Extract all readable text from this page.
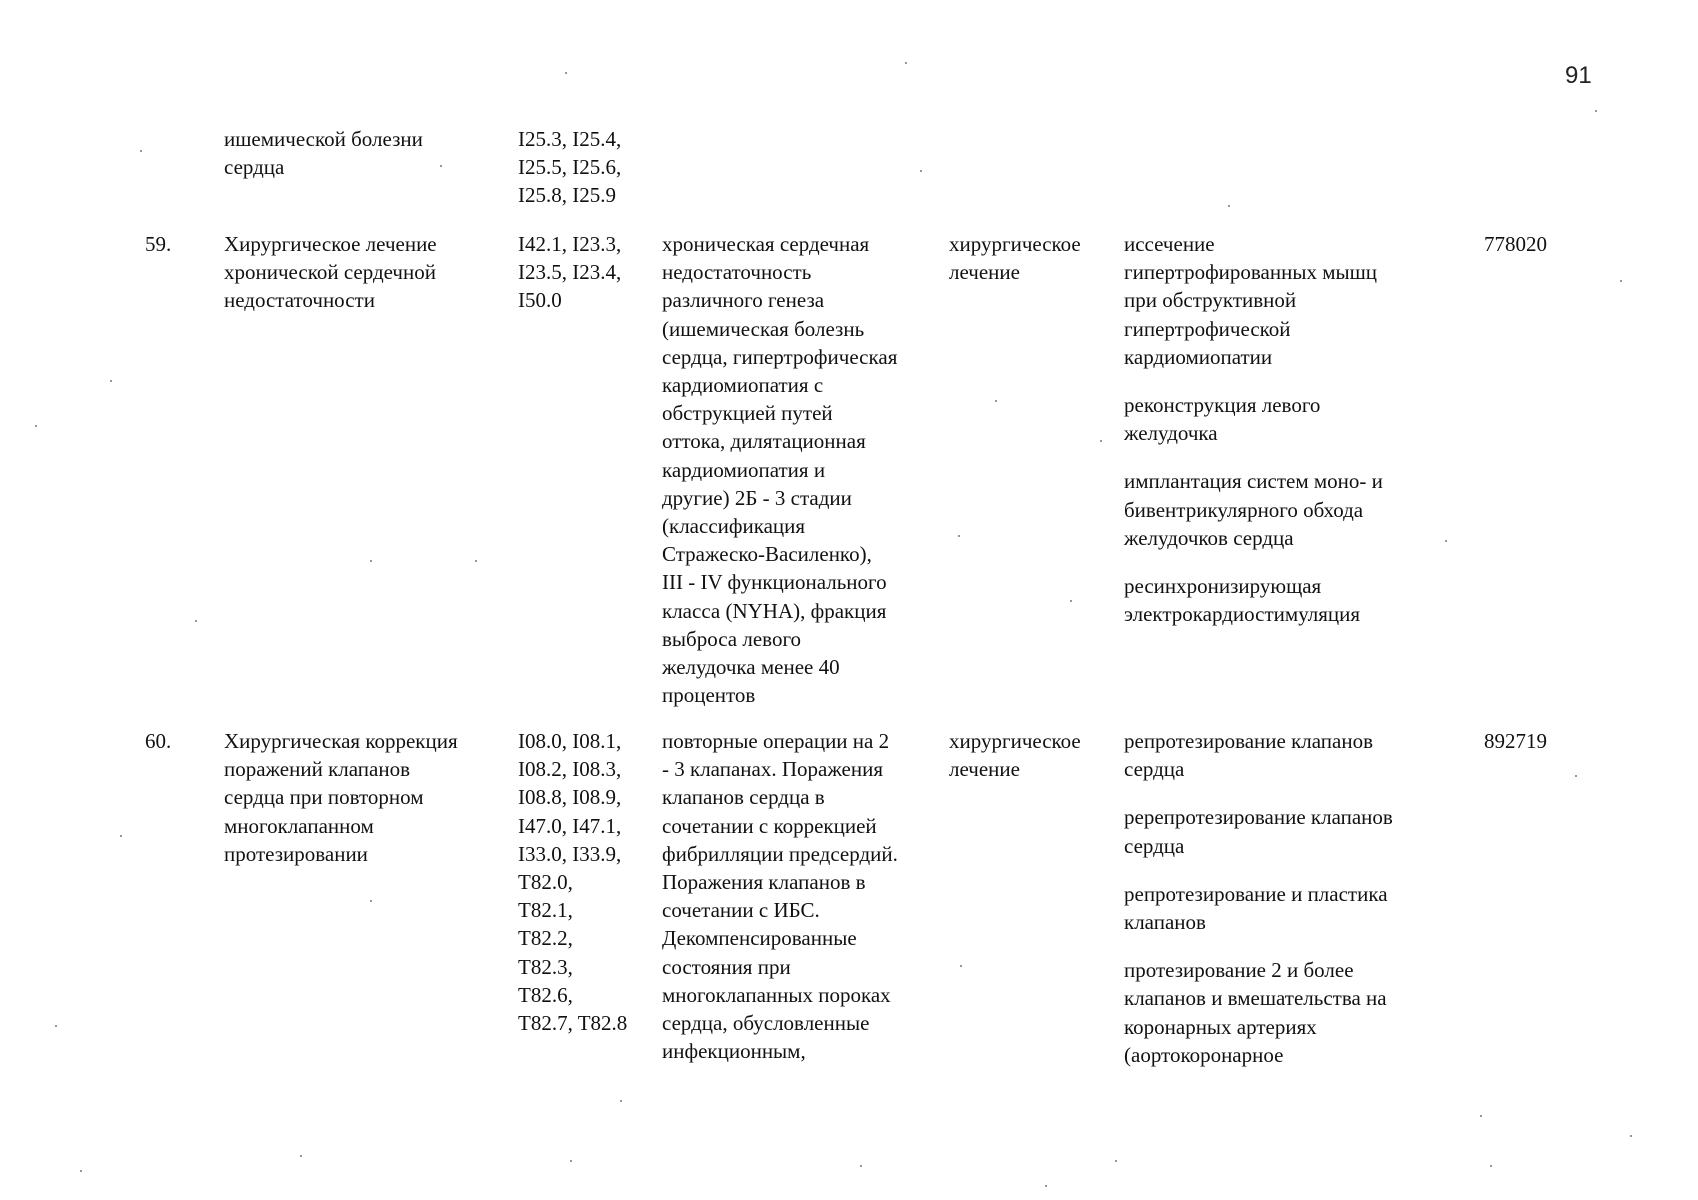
91
ишемической болезни
сердца
I25.3, I25.4,
I25.5, I25.6,
I25.8, I25.9
59.	Хирургическое лечение
хронической сердечной
недостаточности
I42.1, I23.3,
I23.5, I23.4,
I50.0
хроническая сердечная
недостаточность
различного генеза
(ишемическая болезнь
сердца, гипертрофическая
кардиомиопатия с
обструкцией путей
оттока, дилятационная
кардиомиопатия и
другие) 2Б - 3 стадии
(классификация
Стражеско-Василенко),
III - IV функционального
класса (NYHA), фракция
выброса левого
желудочка менее 40
процентов
хирургическое
лечение

иссечение
гипертрофированных мышц
при обструктивной
гипертрофической
кардиомиопатии

реконструкция левого
желудочка

имплантация систем моно- и
бивентрикулярного обхода
желудочков сердца

ресинхронизирующая
электрокардиостимуляция

778020
60.	Хирургическая коррекция
поражений клапанов
сердца при повторном
многоклапанном
протезировании
I08.0, I08.1,
I08.2, I08.3,
I08.8, I08.9,
I47.0, I47.1,
I33.0, I33.9,
T82.0,
T82.1,
T82.2,
T82.3,
T82.6,
T82.7, T82.8
повторные операции на 2
- 3 клапанах. Поражения
клапанов сердца в
сочетании с коррекцией
фибрилляции предсердий.
Поражения клапанов в
сочетании с ИБС.
Декомпенсированные
состояния при
многоклапанных пороках
сердца, обусловленные
инфекционным,
хирургическое
лечение

репротезирование клапанов
сердца

ререпротезирование клапанов
сердца

репротезирование и пластика
клапанов

протезирование 2 и более
клапанов и вмешательства на
коронарных артериях
(аортокоронарное

892719
